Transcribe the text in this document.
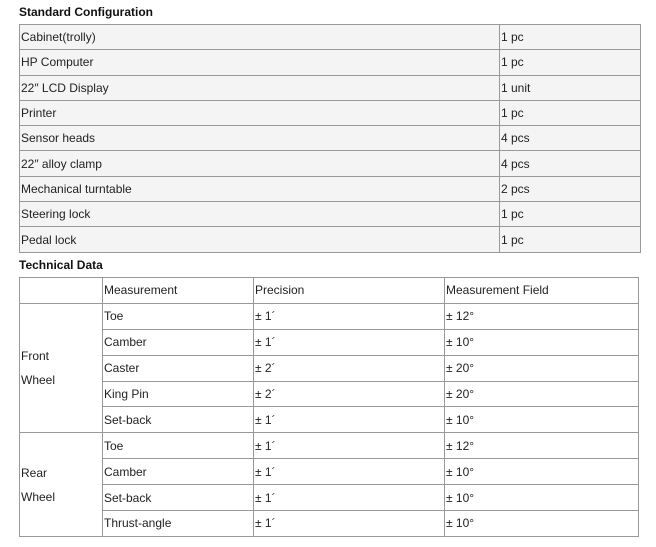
Standard Configuration
Cabinet(trolly)	1 pc
HP Computer	1 pc
22″ LCD Display	1 unit
Printer	1 pc
Sensor heads	4 pcs
22″ alloy clamp	4 pcs
Mechanical turntable	2 pcs
Steering lock	1 pc
Pedal lock	1 pc
Technical Data
	Measurement	Precision	Measurement Field

Front
Wheel	Toe	± 1´	± 12°
	Camber	± 1´	± 10°
	Caster	± 2´	± 20°
	King Pin	± 2´	± 20°
	Set-back	± 1´	± 10°

Rear
Wheel	Toe	± 1´	± 12°
	Camber	± 1´	± 10°
	Set-back	± 1´	± 10°
	Thrust-angle	± 1´	± 10°
